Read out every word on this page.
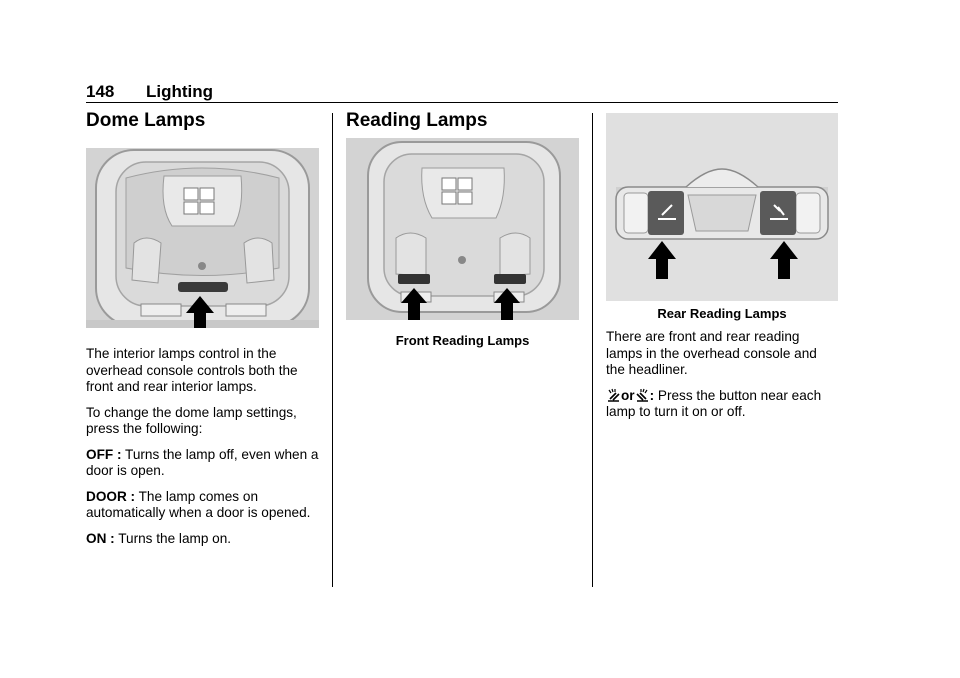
148 Lighting
Dome Lamps

The interior lamps control in the overhead console controls both the front and rear interior lamps.

To change the dome lamp settings, press the following:

OFF : Turns the lamp off, even when a door is open.

DOOR : The lamp comes on automatically when a door is opened.

ON : Turns the lamp on.

Reading Lamps
Front Reading Lamps
Rear Reading Lamps

There are front and rear reading lamps in the overhead console and the headliner.

or : Press the button near each lamp to turn it on or off.
